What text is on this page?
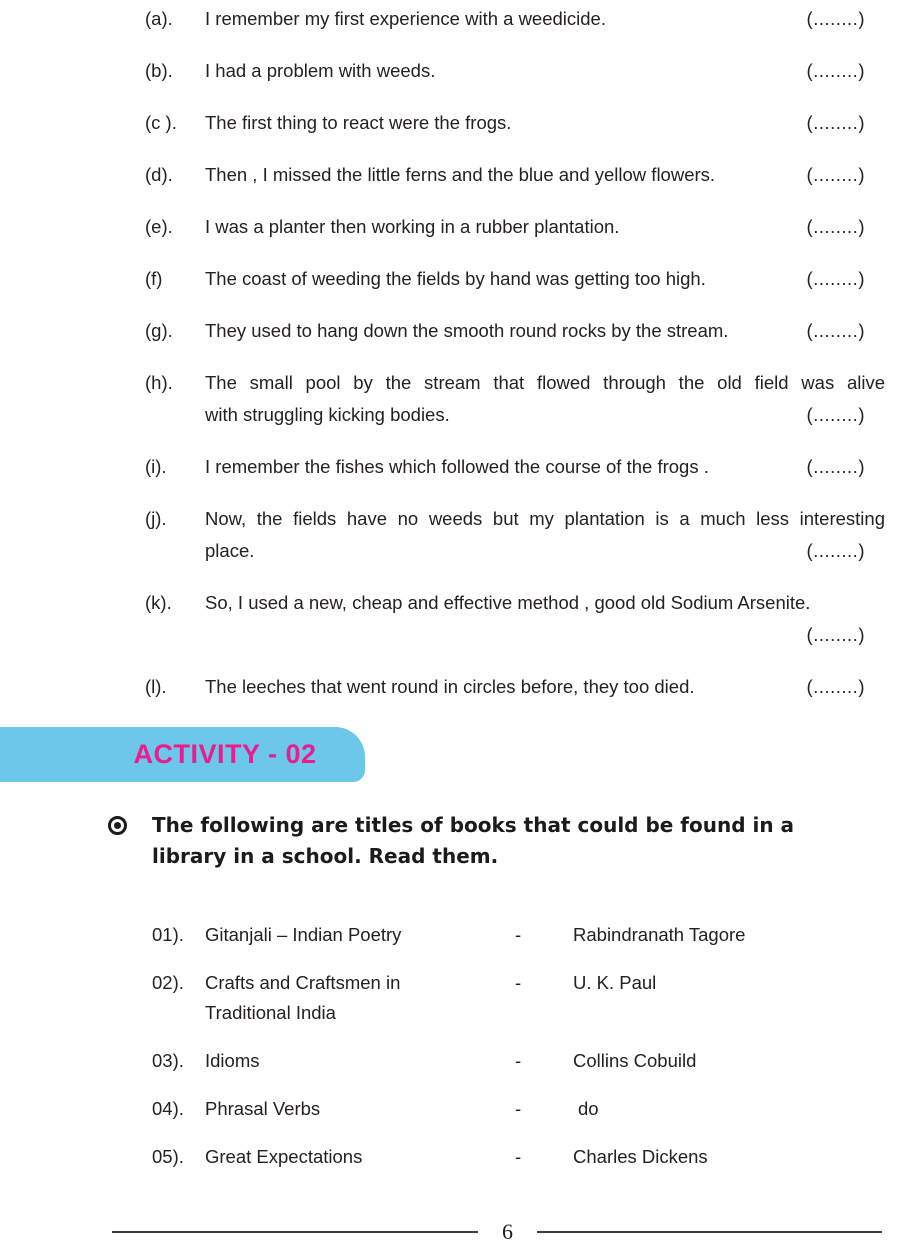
(a).	I remember my first experience with a weedicide.	(........)
(b).	I had a problem with weeds.	(........)
(c ).	The first thing to react were the frogs.	(........)
(d).	Then , I missed the little ferns and the blue and yellow flowers.	(........)
(e).	I was a planter then working in a rubber plantation.	(........)
(f)	The coast of weeding the fields by hand was getting too high.	(........)
(g).	They used to hang down the smooth round rocks by the stream.	(........)
(h).	The small pool by the stream that flowed through the old field was alive
with struggling kicking bodies.	(........)
(i).	I remember the fishes which followed the course of the frogs .	(........)
(j).	Now, the fields have no weeds but my plantation is a much less interesting
place.	(........)
(k).	So, I used a new, cheap and effective method , good old Sodium Arsenite.
(........)
(l).	The leeches that went round in circles before, they too died.	(........)
ACTIVITY - 02
The following are titles of books that could be found in a
library in a school. Read them.
01).	Gitanjali – Indian Poetry	-	Rabindranath Tagore
02).	Crafts and Craftsmen in
Traditional India
-	U. K. Paul
03).	Idioms	-	Collins Cobuild
04).	Phrasal Verbs	-	do
05).	Great Expectations	-	Charles Dickens
6
